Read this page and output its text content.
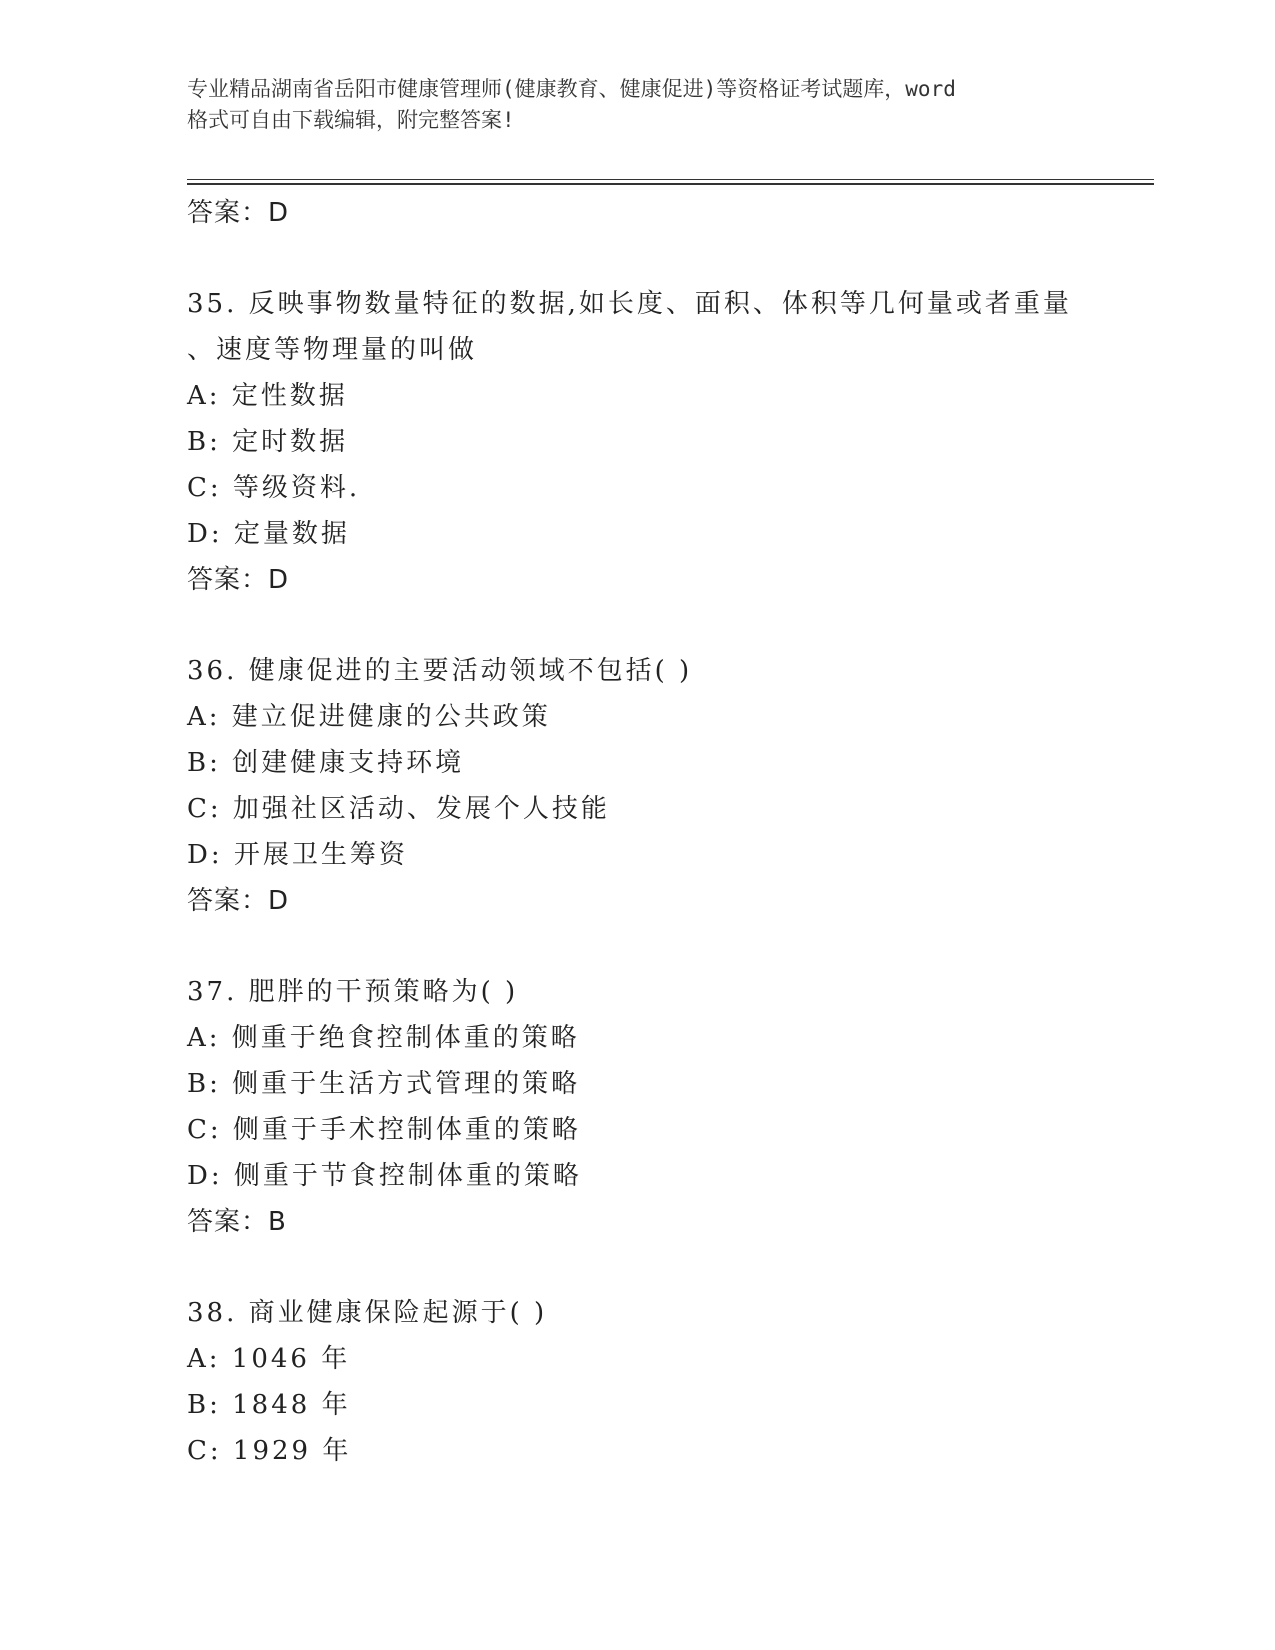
专业精品湖南省岳阳市健康管理师(健康教育、健康促进)等资格证考试题库，word

格式可自由下载编辑，附完整答案!

答案：D
35. 反映事物数量特征的数据,如长度、面积、体积等几何量或者重量
、速度等物理量的叫做
A: 定性数据
B: 定时数据
C: 等级资料.
D: 定量数据
答案：D
36. 健康促进的主要活动领域不包括( )
A: 建立促进健康的公共政策
B: 创建健康支持环境
C: 加强社区活动、发展个人技能
D: 开展卫生筹资
答案：D
37. 肥胖的干预策略为( )
A: 侧重于绝食控制体重的策略
B: 侧重于生活方式管理的策略
C: 侧重于手术控制体重的策略
D: 侧重于节食控制体重的策略
答案：B
38. 商业健康保险起源于( )
A: 1046 年
B: 1848 年
C: 1929 年
